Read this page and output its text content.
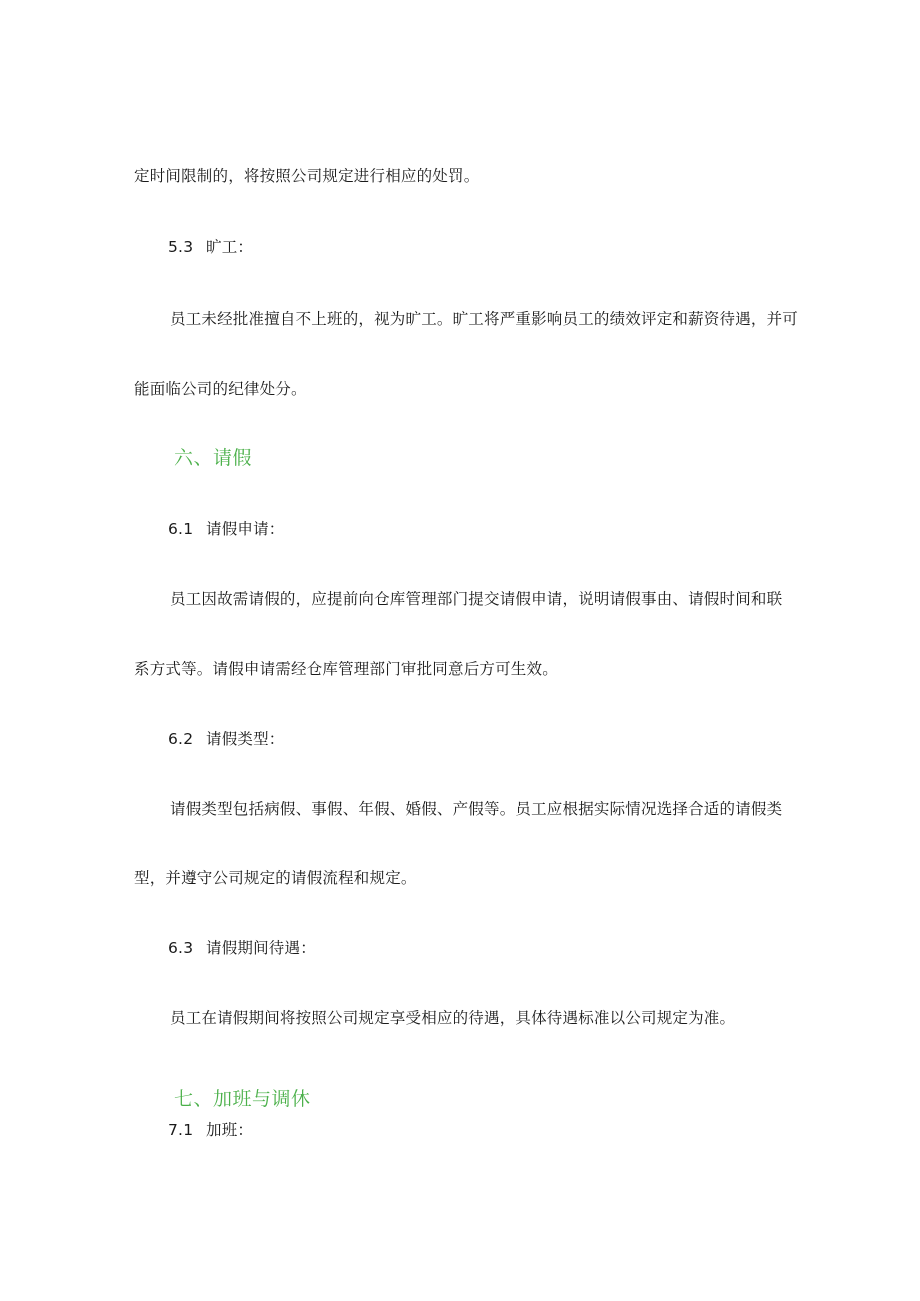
定时间限制的，将按照公司规定进行相应的处罚。
5.3 旷工：
员工未经批准擅自不上班的，视为旷工。旷工将严重影响员工的绩效评定和薪资待遇，并可
能面临公司的纪律处分。
六、请假
6.1 请假申请：
员工因故需请假的，应提前向仓库管理部门提交请假申请，说明请假事由、请假时间和联
系方式等。请假申请需经仓库管理部门审批同意后方可生效。
6.2 请假类型：
请假类型包括病假、事假、年假、婚假、产假等。员工应根据实际情况选择合适的请假类
型，并遵守公司规定的请假流程和规定。
6.3 请假期间待遇：
员工在请假期间将按照公司规定享受相应的待遇，具体待遇标准以公司规定为准。
七、加班与调休
7.1 加班：
